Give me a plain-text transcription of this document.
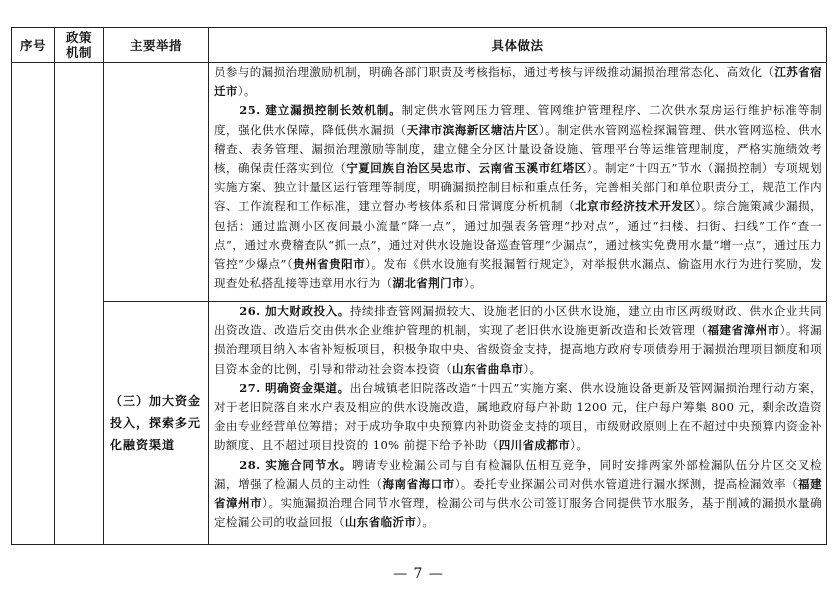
序号	政策机制	主要举措	具体做法

			员参与的漏损治理激励机制，明确各部门职责及考核指标，通过考核与评级推动漏损治理常态化、高效化（江苏省宿迁市）。

25. 建立漏损控制长效机制。制定供水管网压力管理、管网维护管理程序、二次供水泵房运行维护标准等制度，强化供水保障，降低供水漏损（天津市滨海新区塘沽片区）。制定供水管网巡检探漏管理、供水管网巡检、供水稽查、表务管理、漏损治理激励等制度，建立健全分区计量设备设施、管理平台等运维管理制度，严格实施绩效考核，确保责任落实到位（宁夏回族自治区吴忠市、云南省玉溪市红塔区）。制定“十四五”节水（漏损控制）专项规划实施方案、独立计量区运行管理等制度，明确漏损控制目标和重点任务，完善相关部门和单位职责分工，规范工作内容、工作流程和工作标准，建立督办考核体系和日常调度分析机制（北京市经济技术开发区）。综合施策减少漏损，包括：通过监测小区夜间最小流量“降一点”，通过加强表务管理“抄对点”，通过“扫楼、扫街、扫线”工作“查一点”，通过水费稽查队“抓一点”，通过对供水设施设备巡查管理“少漏点”，通过核实免费用水量“增一点”，通过压力管控“少爆点”（贵州省贵阳市）。发布《供水设施有奖报漏暂行规定》，对举报供水漏点、偷盗用水行为进行奖励，发现查处私搭乱接等违章用水行为（湖北省荆门市）。

		（三）加大资金投入，探索多元化融资渠道	26. 加大财政投入。持续排查管网漏损较大、设施老旧的小区供水设施，建立由市区两级财政、供水企业共同出资改造、改造后交由供水企业维护管理的机制，实现了老旧供水设施更新改造和长效管理（福建省漳州市）。将漏损治理项目纳入本省补短板项目，积极争取中央、省级资金支持，提高地方政府专项债券用于漏损治理项目额度和项目资本金的比例，引导和带动社会资本投资（山东省曲阜市）。

27. 明确资金渠道。出台城镇老旧院落改造“十四五”实施方案、供水设施设备更新及管网漏损治理行动方案，对于老旧院落自来水户表及相应的供水设施改造，属地政府每户补助 1200 元，住户每户筹集 800 元，剩余改造资金由专业经营单位筹措；对于成功争取中央预算内补助资金支持的项目，市级财政原则上在不超过中央预算内资金补助额度、且不超过项目投资的 10% 前提下给予补助（四川省成都市）。

28. 实施合同节水。聘请专业检漏公司与自有检漏队伍相互竞争，同时安排两家外部检漏队伍分片区交叉检漏，增强了检漏人员的主动性（海南省海口市）。委托专业探漏公司对供水管道进行漏水探测，提高检漏效率（福建省漳州市）。实施漏损治理合同节水管理，检漏公司与供水公司签订服务合同提供节水服务，基于削减的漏损水量确定检漏公司的收益回报（山东省临沂市）。

— 7 —
